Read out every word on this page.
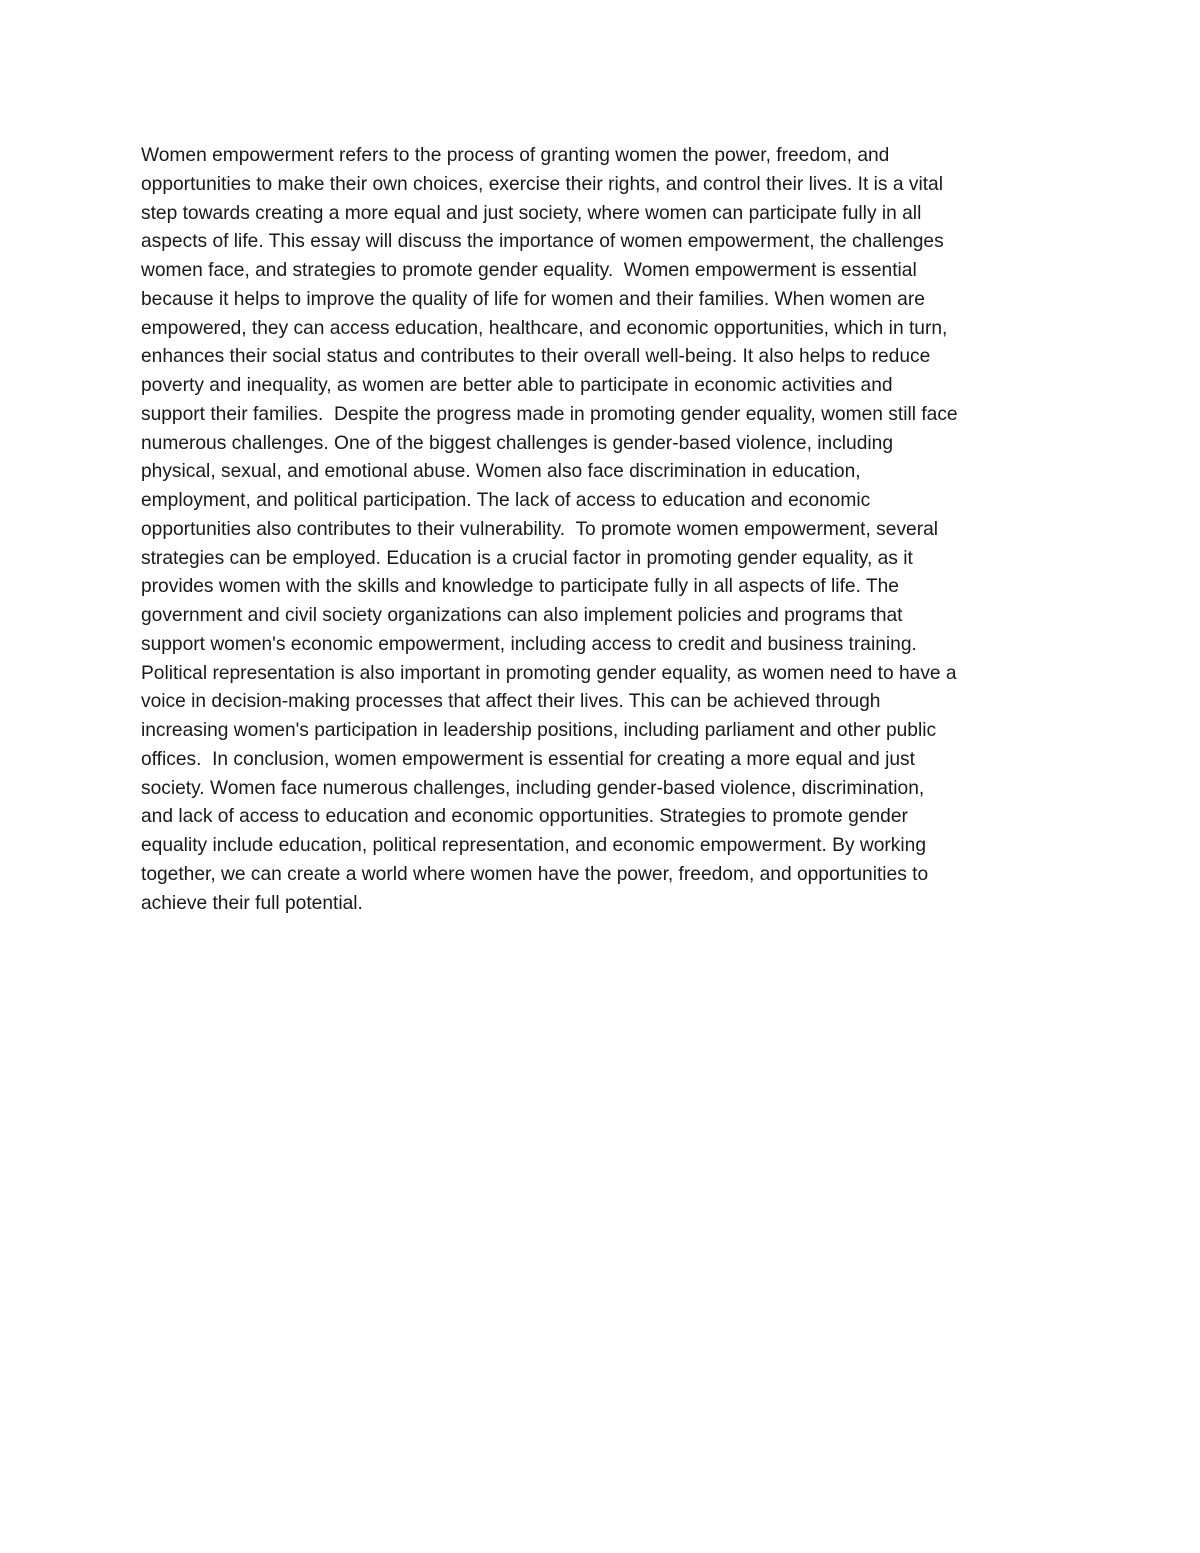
Women empowerment refers to the process of granting women the power, freedom, and
opportunities to make their own choices, exercise their rights, and control their lives. It is a vital
step towards creating a more equal and just society, where women can participate fully in all
aspects of life. This essay will discuss the importance of women empowerment, the challenges
women face, and strategies to promote gender equality.  Women empowerment is essential
because it helps to improve the quality of life for women and their families. When women are
empowered, they can access education, healthcare, and economic opportunities, which in turn,
enhances their social status and contributes to their overall well-being. It also helps to reduce
poverty and inequality, as women are better able to participate in economic activities and
support their families.  Despite the progress made in promoting gender equality, women still face
numerous challenges. One of the biggest challenges is gender-based violence, including
physical, sexual, and emotional abuse. Women also face discrimination in education,
employment, and political participation. The lack of access to education and economic
opportunities also contributes to their vulnerability.  To promote women empowerment, several
strategies can be employed. Education is a crucial factor in promoting gender equality, as it
provides women with the skills and knowledge to participate fully in all aspects of life. The
government and civil society organizations can also implement policies and programs that
support women's economic empowerment, including access to credit and business training.
Political representation is also important in promoting gender equality, as women need to have a
voice in decision-making processes that affect their lives. This can be achieved through
increasing women's participation in leadership positions, including parliament and other public
offices.  In conclusion, women empowerment is essential for creating a more equal and just
society. Women face numerous challenges, including gender-based violence, discrimination,
and lack of access to education and economic opportunities. Strategies to promote gender
equality include education, political representation, and economic empowerment. By working
together, we can create a world where women have the power, freedom, and opportunities to
achieve their full potential.
